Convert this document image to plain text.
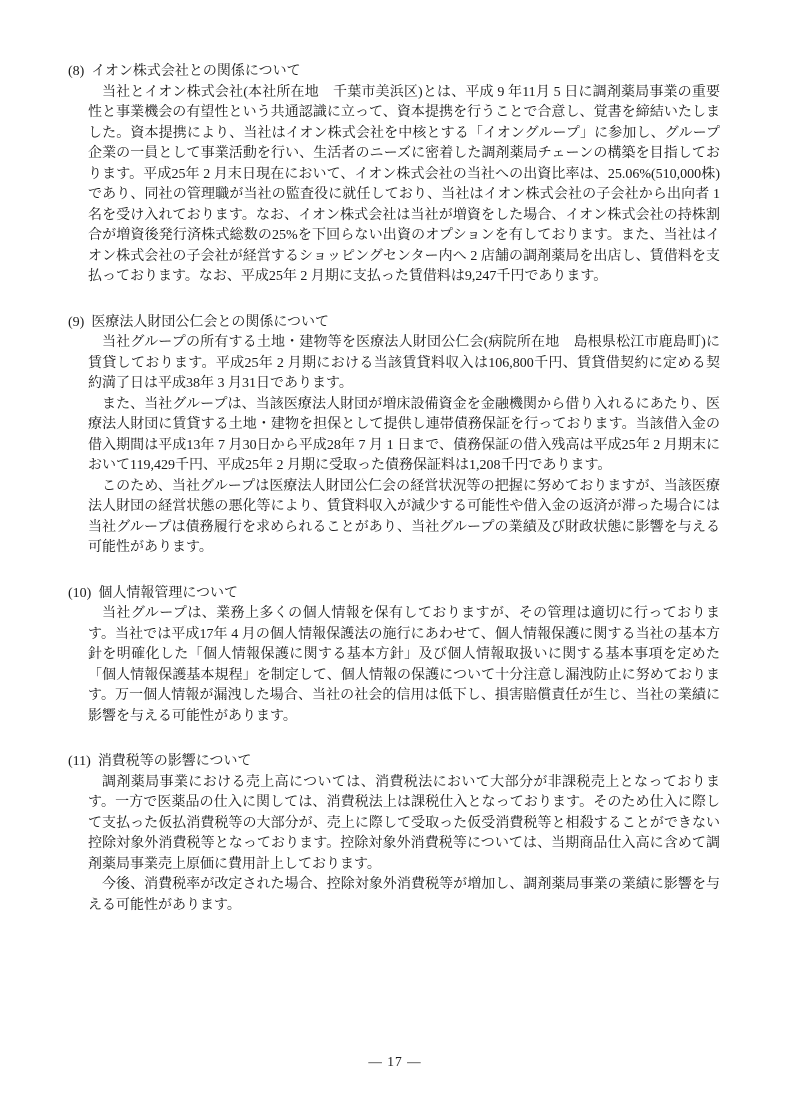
(8) イオン株式会社との関係について

当社とイオン株式会社(本社所在地　千葉市美浜区)とは、平成 9 年11月 5 日に調剤薬局事業の重要性と事業機会の有望性という共通認識に立って、資本提携を行うことで合意し、覚書を締結いたしました。資本提携により、当社はイオン株式会社を中核とする「イオングループ」に参加し、グループ企業の一員として事業活動を行い、生活者のニーズに密着した調剤薬局チェーンの構築を目指しております。平成25年 2 月末日現在において、イオン株式会社の当社への出資比率は、25.06%(510,000株)であり、同社の管理職が当社の監査役に就任しており、当社はイオン株式会社の子会社から出向者 1 名を受け入れております。なお、イオン株式会社は当社が増資をした場合、イオン株式会社の持株割合が増資後発行済株式総数の25%を下回らない出資のオプションを有しております。また、当社はイオン株式会社の子会社が経営するショッピングセンター内へ 2 店舗の調剤薬局を出店し、賃借料を支払っております。なお、平成25年 2 月期に支払った賃借料は9,247千円であります。

(9) 医療法人財団公仁会との関係について

当社グループの所有する土地・建物等を医療法人財団公仁会(病院所在地　島根県松江市鹿島町)に賃貸しております。平成25年 2 月期における当該賃貸料収入は106,800千円、賃貸借契約に定める契約満了日は平成38年 3 月31日であります。

また、当社グループは、当該医療法人財団が増床設備資金を金融機関から借り入れるにあたり、医療法人財団に賃貸する土地・建物を担保として提供し連帯債務保証を行っております。当該借入金の借入期間は平成13年 7 月30日から平成28年 7 月 1 日まで、債務保証の借入残高は平成25年 2 月期末において119,429千円、平成25年 2 月期に受取った債務保証料は1,208千円であります。

このため、当社グループは医療法人財団公仁会の経営状況等の把握に努めておりますが、当該医療法人財団の経営状態の悪化等により、賃貸料収入が減少する可能性や借入金の返済が滞った場合には当社グループは債務履行を求められることがあり、当社グループの業績及び財政状態に影響を与える可能性があります。

(10) 個人情報管理について

当社グループは、業務上多くの個人情報を保有しておりますが、その管理は適切に行っております。当社では平成17年 4 月の個人情報保護法の施行にあわせて、個人情報保護に関する当社の基本方針を明確化した「個人情報保護に関する基本方針」及び個人情報取扱いに関する基本事項を定めた「個人情報保護基本規程」を制定して、個人情報の保護について十分注意し漏洩防止に努めております。万一個人情報が漏洩した場合、当社の社会的信用は低下し、損害賠償責任が生じ、当社の業績に影響を与える可能性があります。

(11) 消費税等の影響について

調剤薬局事業における売上高については、消費税法において大部分が非課税売上となっております。一方で医薬品の仕入に関しては、消費税法上は課税仕入となっております。そのため仕入に際して支払った仮払消費税等の大部分が、売上に際して受取った仮受消費税等と相殺することができない控除対象外消費税等となっております。控除対象外消費税等については、当期商品仕入高に含めて調剤薬局事業売上原価に費用計上しております。

今後、消費税率が改定された場合、控除対象外消費税等が増加し、調剤薬局事業の業績に影響を与える可能性があります。

― 17 ―
